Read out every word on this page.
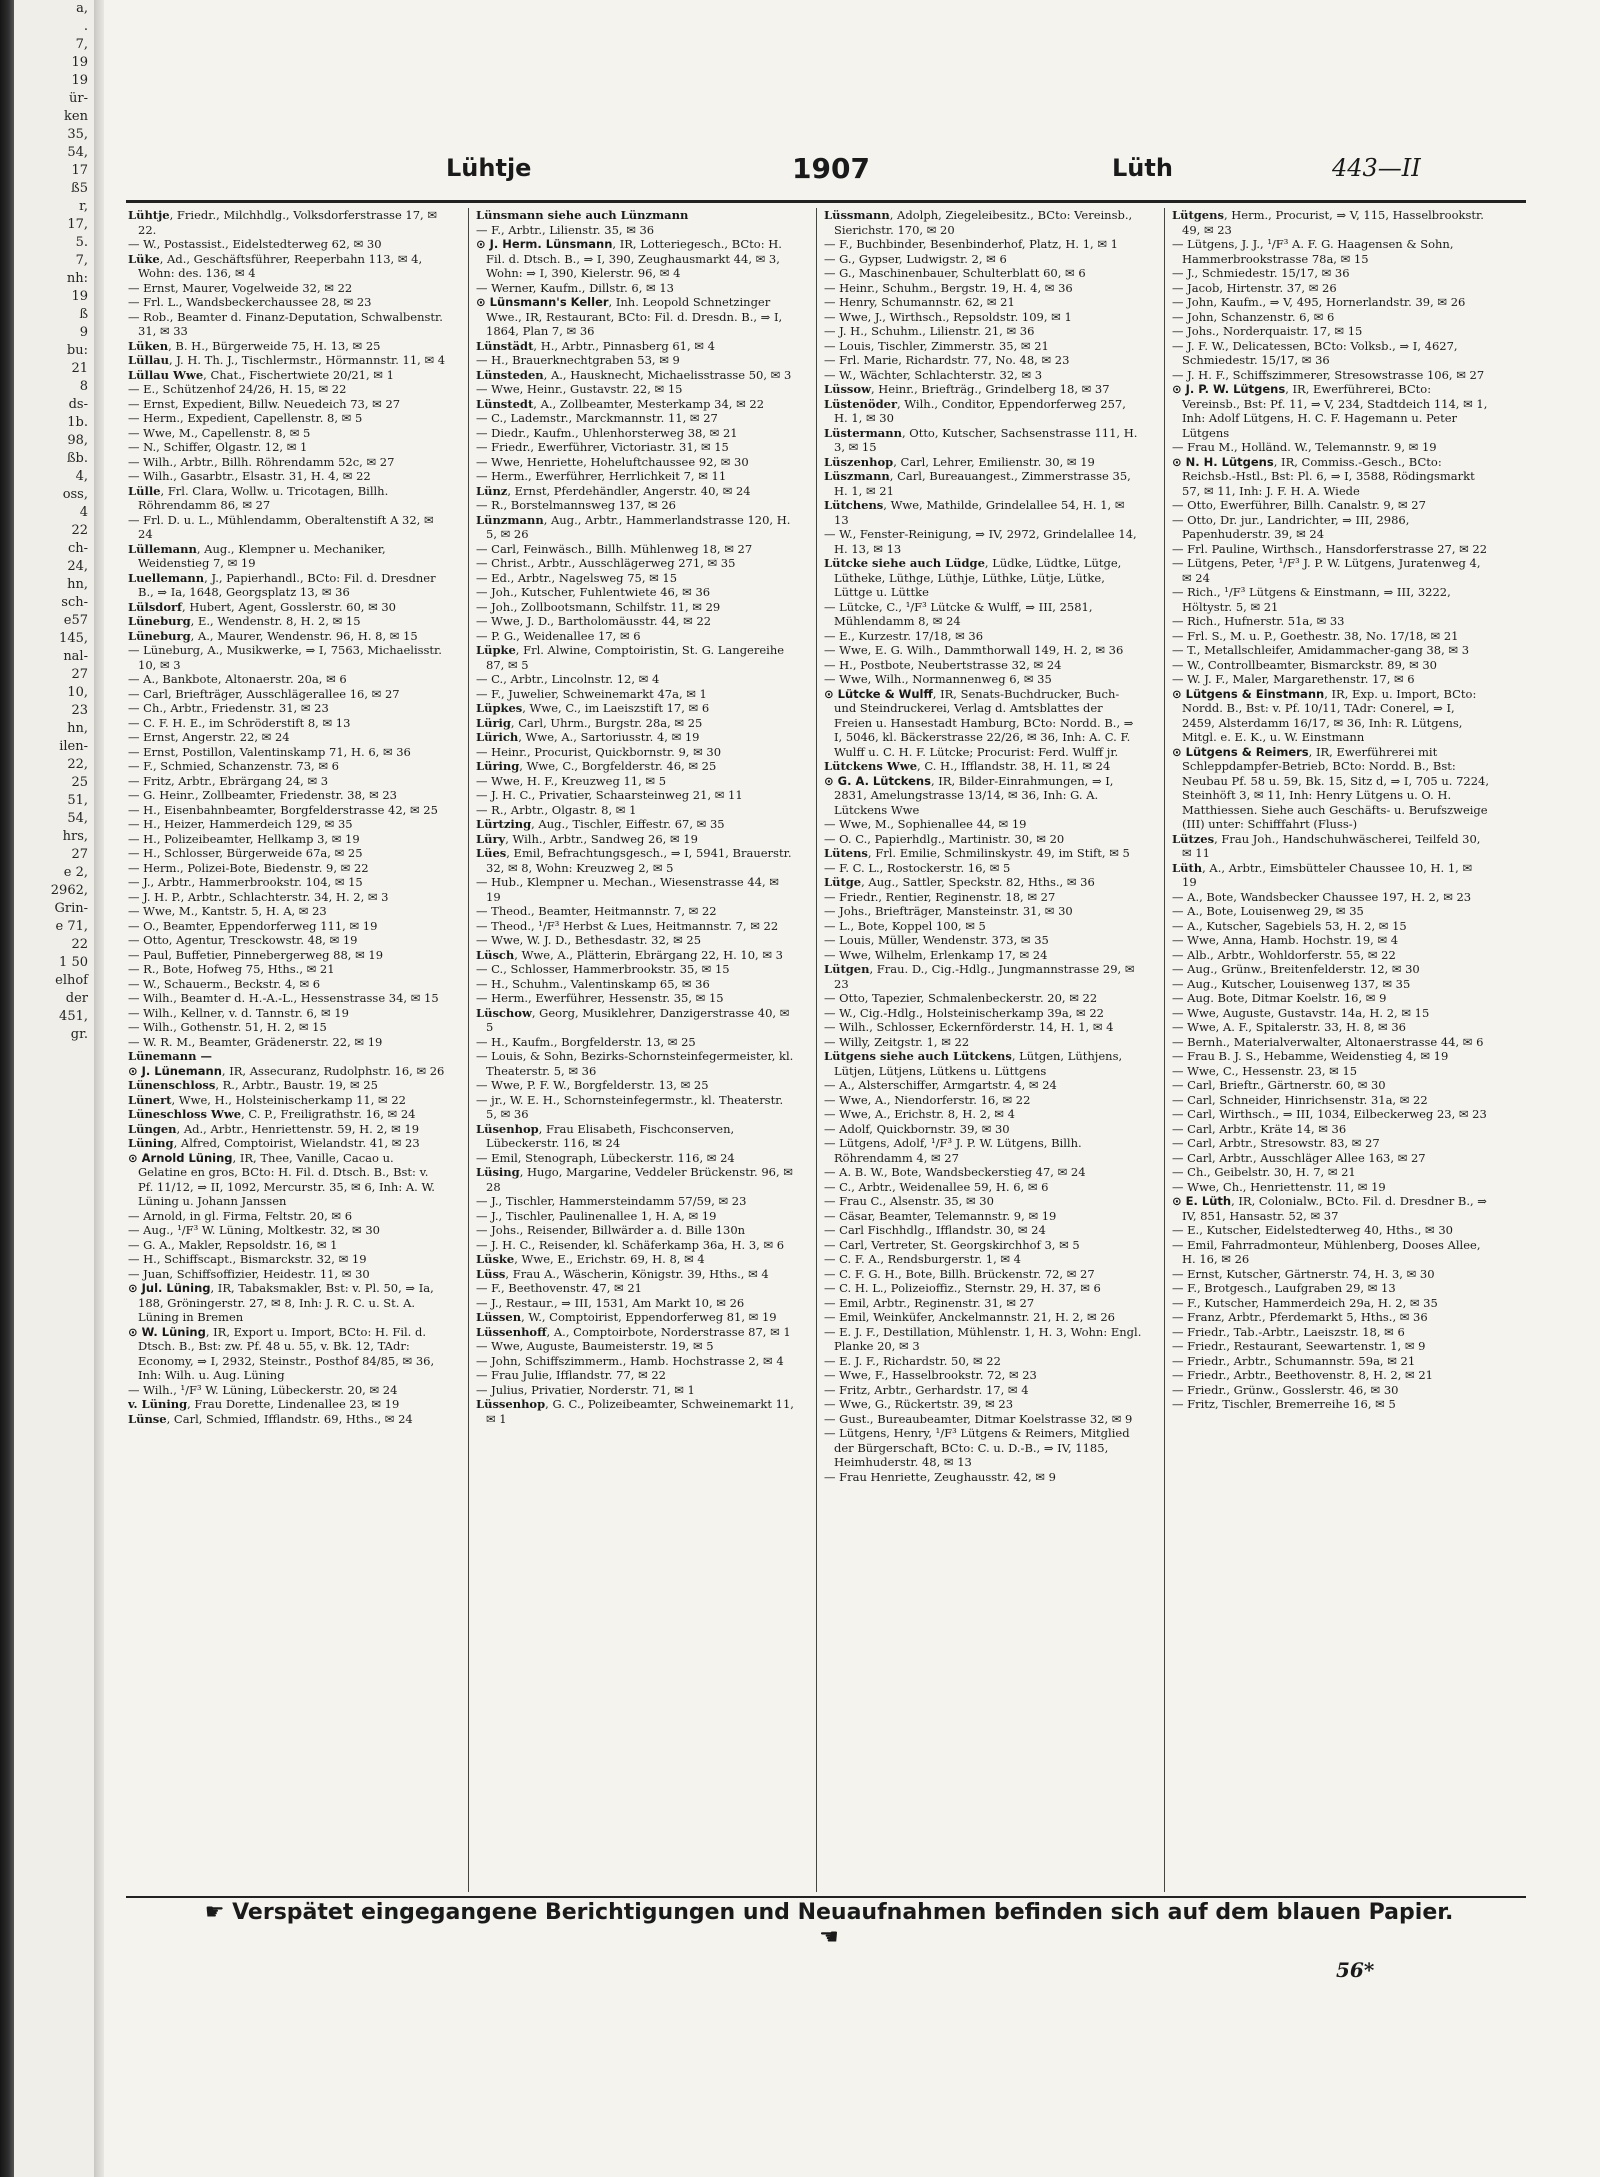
a,
.
7,
19
19
ür-
ken
35,
54,
17
ß5
r,
17,
5.
7,
nh:
19
ß
9
bu:
21
8
ds-
1b.
98,
ßb.
4,
oss,
4
22
ch-
24,
hn,
sch-
e57
145,
nal-
27
10,
23
hn,
ilen-
22,
25
51,
54,
hrs,
27
e 2,
2962,
Grin-
e 71,
22
1 50
elhof
der
451,
gr.
Lühtje	1907	Lüth	443—II

Lühtje, Friedr., Milchhdlg., Volksdorferstrasse 17, ✉ 22.

— W., Postassist., Eidelstedterweg 62, ✉ 30

Lüke, Ad., Geschäftsführer, Reeperbahn 113, ✉ 4, Wohn: des. 136, ✉ 4

— Ernst, Maurer, Vogelweide 32, ✉ 22

— Frl. L., Wandsbeckerchaussee 28, ✉ 23

— Rob., Beamter d. Finanz-Deputation, Schwalbenstr. 31, ✉ 33

Lüken, B. H., Bürgerweide 75, H. 13, ✉ 25

Lüllau, J. H. Th. J., Tischlermstr., Hörmannstr. 11, ✉ 4

Lüllau Wwe, Chat., Fischertwiete 20/21, ✉ 1

— E., Schützenhof 24/26, H. 15, ✉ 22

— Ernst, Expedient, Billw. Neuedeich 73, ✉ 27

— Herm., Expedient, Capellenstr. 8, ✉ 5

— Wwe, M., Capellenstr. 8, ✉ 5

— N., Schiffer, Olgastr. 12, ✉ 1

— Wilh., Arbtr., Billh. Röhrendamm 52c, ✉ 27

— Wilh., Gasarbtr., Elsastr. 31, H. 4, ✉ 22

Lülle, Frl. Clara, Wollw. u. Tricotagen, Billh. Röhrendamm 86, ✉ 27

— Frl. D. u. L., Mühlendamm, Oberaltenstift A 32, ✉ 24

Lüllemann, Aug., Klempner u. Mechaniker, Weidenstieg 7, ✉ 19

Luellemann, J., Papierhandl., BCto: Fil. d. Dresdner B., ⇒ Ia, 1648, Georgsplatz 13, ✉ 36

Lülsdorf, Hubert, Agent, Gosslerstr. 60, ✉ 30

Lüneburg, E., Wendenstr. 8, H. 2, ✉ 15

Lüneburg, A., Maurer, Wendenstr. 96, H. 8, ✉ 15

— Lüneburg, A., Musikwerke, ⇒ I, 7563, Michaelisstr. 10, ✉ 3

— A., Bankbote, Altonaerstr. 20a, ✉ 6

— Carl, Briefträger, Ausschlägerallee 16, ✉ 27

— Ch., Arbtr., Friedenstr. 31, ✉ 23

— C. F. H. E., im Schröderstift 8, ✉ 13

— Ernst, Angerstr. 22, ✉ 24

— Ernst, Postillon, Valentinskamp 71, H. 6, ✉ 36

— F., Schmied, Schanzenstr. 73, ✉ 6

— Fritz, Arbtr., Ebrärgang 24, ✉ 3

— G. Heinr., Zollbeamter, Friedenstr. 38, ✉ 23

— H., Eisenbahnbeamter, Borgfelderstrasse 42, ✉ 25

— H., Heizer, Hammerdeich 129, ✉ 35

— H., Polizeibeamter, Hellkamp 3, ✉ 19

— H., Schlosser, Bürgerweide 67a, ✉ 25

— Herm., Polizei-Bote, Biedenstr. 9, ✉ 22

— J., Arbtr., Hammerbrookstr. 104, ✉ 15

— J. H. P., Arbtr., Schlachterstr. 34, H. 2, ✉ 3

— Wwe, M., Kantstr. 5, H. A, ✉ 23

— O., Beamter, Eppendorferweg 111, ✉ 19

— Otto, Agentur, Tresckowstr. 48, ✉ 19

— Paul, Buffetier, Pinnebergerweg 88, ✉ 19

— R., Bote, Hofweg 75, Hths., ✉ 21

— W., Schauerm., Beckstr. 4, ✉ 6

— Wilh., Beamter d. H.-A.-L., Hessenstrasse 34, ✉ 15

— Wilh., Kellner, v. d. Tannstr. 6, ✉ 19

— Wilh., Gothenstr. 51, H. 2, ✉ 15

— W. R. M., Beamter, Grädenerstr. 22, ✉ 19

Lünemann —

⊙ J. Lünemann, IR, Assecuranz, Rudolphstr. 16, ✉ 26

Lünenschloss, R., Arbtr., Baustr. 19, ✉ 25

Lünert, Wwe, H., Holsteinischerkamp 11, ✉ 22

Lüneschloss Wwe, C. P., Freiligrathstr. 16, ✉ 24

Lüngen, Ad., Arbtr., Henriettenstr. 59, H. 2, ✉ 19

Lüning, Alfred, Comptoirist, Wielandstr. 41, ✉ 23

⊙ Arnold Lüning, IR, Thee, Vanille, Cacao u. Gelatine en gros, BCto: H. Fil. d. Dtsch. B., Bst: v. Pf. 11/12, ⇒ II, 1092, Mercurstr. 35, ✉ 6, Inh: A. W. Lüning u. Johann Janssen

— Arnold, in gl. Firma, Feltstr. 20, ✉ 6

— Aug., ¹/F³ W. Lüning, Moltkestr. 32, ✉ 30

— G. A., Makler, Repsoldstr. 16, ✉ 1

— H., Schiffscapt., Bismarckstr. 32, ✉ 19

— Juan, Schiffsoffizier, Heidestr. 11, ✉ 30

⊙ Jul. Lüning, IR, Tabaksmakler, Bst: v. Pl. 50, ⇒ Ia, 188, Gröningerstr. 27, ✉ 8, Inh: J. R. C. u. St. A. Lüning in Bremen

⊙ W. Lüning, IR, Export u. Import, BCto: H. Fil. d. Dtsch. B., Bst: zw. Pf. 48 u. 55, v. Bk. 12, TAdr: Economy, ⇒ I, 2932, Steinstr., Posthof 84/85, ✉ 36, Inh: Wilh. u. Aug. Lüning

— Wilh., ¹/F³ W. Lüning, Lübeckerstr. 20, ✉ 24

v. Lüning, Frau Dorette, Lindenallee 23, ✉ 19

Lünse, Carl, Schmied, Ifflandstr. 69, Hths., ✉ 24

Lünsmann siehe auch Lünzmann

— F., Arbtr., Lilienstr. 35, ✉ 36

⊙ J. Herm. Lünsmann, IR, Lotteriegesch., BCto: H. Fil. d. Dtsch. B., ⇒ I, 390, Zeughausmarkt 44, ✉ 3, Wohn: ⇒ I, 390, Kielerstr. 96, ✉ 4

— Werner, Kaufm., Dillstr. 6, ✉ 13

⊙ Lünsmann's Keller, Inh. Leopold Schnetzinger Wwe., IR, Restaurant, BCto: Fil. d. Dresdn. B., ⇒ I, 1864, Plan 7, ✉ 36

Lünstädt, H., Arbtr., Pinnasberg 61, ✉ 4

— H., Brauerknechtgraben 53, ✉ 9

Lünsteden, A., Hausknecht, Michaelisstrasse 50, ✉ 3

— Wwe, Heinr., Gustavstr. 22, ✉ 15

Lünstedt, A., Zollbeamter, Mesterkamp 34, ✉ 22

— C., Lademstr., Marckmannstr. 11, ✉ 27

— Diedr., Kaufm., Uhlenhorsterweg 38, ✉ 21

— Friedr., Ewerführer, Victoriastr. 31, ✉ 15

— Wwe, Henriette, Hoheluftchaussee 92, ✉ 30

— Herm., Ewerführer, Herrlichkeit 7, ✉ 11

Lünz, Ernst, Pferdehändler, Angerstr. 40, ✉ 24

— R., Borstelmannsweg 137, ✉ 26

Lünzmann, Aug., Arbtr., Hammerlandstrasse 120, H. 5, ✉ 26

— Carl, Feinwäsch., Billh. Mühlenweg 18, ✉ 27

— Christ., Arbtr., Ausschlägerweg 271, ✉ 35

— Ed., Arbtr., Nagelsweg 75, ✉ 15

— Joh., Kutscher, Fuhlentwiete 46, ✉ 36

— Joh., Zollbootsmann, Schilfstr. 11, ✉ 29

— Wwe, J. D., Bartholomäusstr. 44, ✉ 22

— P. G., Weidenallee 17, ✉ 6

Lüpke, Frl. Alwine, Comptoiristin, St. G. Langereihe 87, ✉ 5

— C., Arbtr., Lincolnstr. 12, ✉ 4

— F., Juwelier, Schweinemarkt 47a, ✉ 1

Lüpkes, Wwe, C., im Laeiszstift 17, ✉ 6

Lürig, Carl, Uhrm., Burgstr. 28a, ✉ 25

Lürich, Wwe, A., Sartoriusstr. 4, ✉ 19

— Heinr., Procurist, Quickbornstr. 9, ✉ 30

Lüring, Wwe, C., Borgfelderstr. 46, ✉ 25

— Wwe, H. F., Kreuzweg 11, ✉ 5

— J. H. C., Privatier, Schaarsteinweg 21, ✉ 11

— R., Arbtr., Olgastr. 8, ✉ 1

Lürtzing, Aug., Tischler, Eiffestr. 67, ✉ 35

Lüry, Wilh., Arbtr., Sandweg 26, ✉ 19

Lües, Emil, Befrachtungsgesch., ⇒ I, 5941, Brauerstr. 32, ✉ 8, Wohn: Kreuzweg 2, ✉ 5

— Hub., Klempner u. Mechan., Wiesenstrasse 44, ✉ 19

— Theod., Beamter, Heitmannstr. 7, ✉ 22

— Theod., ¹/F³ Herbst & Lues, Heitmannstr. 7, ✉ 22

— Wwe, W. J. D., Bethesdastr. 32, ✉ 25

Lüsch, Wwe, A., Plätterin, Ebrärgang 22, H. 10, ✉ 3

— C., Schlosser, Hammerbrookstr. 35, ✉ 15

— H., Schuhm., Valentinskamp 65, ✉ 36

— Herm., Ewerführer, Hessenstr. 35, ✉ 15

Lüschow, Georg, Musiklehrer, Danzigerstrasse 40, ✉ 5

— H., Kaufm., Borgfelderstr. 13, ✉ 25

— Louis, & Sohn, Bezirks-Schornsteinfegermeister, kl. Theaterstr. 5, ✉ 36

— Wwe, P. F. W., Borgfelderstr. 13, ✉ 25

— jr., W. E. H., Schornsteinfegermstr., kl. Theaterstr. 5, ✉ 36

Lüsenhop, Frau Elisabeth, Fischconserven, Lübeckerstr. 116, ✉ 24

— Emil, Stenograph, Lübeckerstr. 116, ✉ 24

Lüsing, Hugo, Margarine, Veddeler Brückenstr. 96, ✉ 28

— J., Tischler, Hammersteindamm 57/59, ✉ 23

— J., Tischler, Paulinenallee 1, H. A, ✉ 19

— Johs., Reisender, Billwärder a. d. Bille 130n

— J. H. C., Reisender, kl. Schäferkamp 36a, H. 3, ✉ 6

Lüske, Wwe, E., Erichstr. 69, H. 8, ✉ 4

Lüss, Frau A., Wäscherin, Königstr. 39, Hths., ✉ 4

— F., Beethovenstr. 47, ✉ 21

— J., Restaur., ⇒ III, 1531, Am Markt 10, ✉ 26

Lüssen, W., Comptoirist, Eppendorferweg 81, ✉ 19

Lüssenhoff, A., Comptoirbote, Norderstrasse 87, ✉ 1

— Wwe, Auguste, Baumeisterstr. 19, ✉ 5

— John, Schiffszimmerm., Hamb. Hochstrasse 2, ✉ 4

— Frau Julie, Ifflandstr. 77, ✉ 22

— Julius, Privatier, Norderstr. 71, ✉ 1

Lüssenhop, G. C., Polizeibeamter, Schweinemarkt 11, ✉ 1

Lüssmann, Adolph, Ziegeleibesitz., BCto: Vereinsb., Sierichstr. 170, ✉ 20

— F., Buchbinder, Besenbinderhof, Platz, H. 1, ✉ 1

— G., Gypser, Ludwigstr. 2, ✉ 6

— G., Maschinenbauer, Schulterblatt 60, ✉ 6

— Heinr., Schuhm., Bergstr. 19, H. 4, ✉ 36

— Henry, Schumannstr. 62, ✉ 21

— Wwe, J., Wirthsch., Repsoldstr. 109, ✉ 1

— J. H., Schuhm., Lilienstr. 21, ✉ 36

— Louis, Tischler, Zimmerstr. 35, ✉ 21

— Frl. Marie, Richardstr. 77, No. 48, ✉ 23

— W., Wächter, Schlachterstr. 32, ✉ 3

Lüssow, Heinr., Briefträg., Grindelberg 18, ✉ 37

Lüstenöder, Wilh., Conditor, Eppendorferweg 257, H. 1, ✉ 30

Lüstermann, Otto, Kutscher, Sachsenstrasse 111, H. 3, ✉ 15

Lüszenhop, Carl, Lehrer, Emilienstr. 30, ✉ 19

Lüszmann, Carl, Bureauangest., Zimmerstrasse 35, H. 1, ✉ 21

Lütchens, Wwe, Mathilde, Grindelallee 54, H. 1, ✉ 13

— W., Fenster-Reinigung, ⇒ IV, 2972, Grindelallee 14, H. 13, ✉ 13

Lütcke siehe auch Lüdge, Lüdke, Lüdtke, Lütge, Lütheke, Lüthge, Lüthje, Lüthke, Lütje, Lütke, Lüttge u. Lüttke

— Lütcke, C., ¹/F³ Lütcke & Wulff, ⇒ III, 2581, Mühlendamm 8, ✉ 24

— E., Kurzestr. 17/18, ✉ 36

— Wwe, E. G. Wilh., Dammthorwall 149, H. 2, ✉ 36

— H., Postbote, Neubertstrasse 32, ✉ 24

— Wwe, Wilh., Normannenweg 6, ✉ 35

⊙ Lütcke & Wulff, IR, Senats-Buchdrucker, Buch- und Steindruckerei, Verlag d. Amtsblattes der Freien u. Hansestadt Hamburg, BCto: Nordd. B., ⇒ I, 5046, kl. Bäckerstrasse 22/26, ✉ 36, Inh: A. C. F. Wulff u. C. H. F. Lütcke; Procurist: Ferd. Wulff jr.

Lütckens Wwe, C. H., Ifflandstr. 38, H. 11, ✉ 24

⊙ G. A. Lütckens, IR, Bilder-Einrahmungen, ⇒ I, 2831, Amelungstrasse 13/14, ✉ 36, Inh: G. A. Lütckens Wwe

— Wwe, M., Sophienallee 44, ✉ 19

— O. C., Papierhdlg., Martinistr. 30, ✉ 20

Lütens, Frl. Emilie, Schmilinskystr. 49, im Stift, ✉ 5

— F. C. L., Rostockerstr. 16, ✉ 5

Lütge, Aug., Sattler, Speckstr. 82, Hths., ✉ 36

— Friedr., Rentier, Reginenstr. 18, ✉ 27

— Johs., Briefträger, Mansteinstr. 31, ✉ 30

— L., Bote, Koppel 100, ✉ 5

— Louis, Müller, Wendenstr. 373, ✉ 35

— Wwe, Wilhelm, Erlenkamp 17, ✉ 24

Lütgen, Frau. D., Cig.-Hdlg., Jungmannstrasse 29, ✉ 23

— Otto, Tapezier, Schmalenbeckerstr. 20, ✉ 22

— W., Cig.-Hdlg., Holsteinischerkamp 39a, ✉ 22

— Wilh., Schlosser, Eckernförderstr. 14, H. 1, ✉ 4

— Willy, Zeitgstr. 1, ✉ 22

Lütgens siehe auch Lütckens, Lütgen, Lüthjens, Lütjen, Lütjens, Lütkens u. Lüttgens

— A., Alsterschiffer, Armgartstr. 4, ✉ 24

— Wwe, A., Niendorferstr. 16, ✉ 22

— Wwe, A., Erichstr. 8, H. 2, ✉ 4

— Adolf, Quickbornstr. 39, ✉ 30

— Lütgens, Adolf, ¹/F³ J. P. W. Lütgens, Billh. Röhrendamm 4, ✉ 27

— A. B. W., Bote, Wandsbeckerstieg 47, ✉ 24

— C., Arbtr., Weidenallee 59, H. 6, ✉ 6

— Frau C., Alsenstr. 35, ✉ 30

— Cäsar, Beamter, Telemannstr. 9, ✉ 19

— Carl Fischhdlg., Ifflandstr. 30, ✉ 24

— Carl, Vertreter, St. Georgskirchhof 3, ✉ 5

— C. F. A., Rendsburgerstr. 1, ✉ 4

— C. F. G. H., Bote, Billh. Brückenstr. 72, ✉ 27

— C. H. L., Polizeioffiz., Sternstr. 29, H. 37, ✉ 6

— Emil, Arbtr., Reginenstr. 31, ✉ 27

— Emil, Weinküfer, Anckelmannstr. 21, H. 2, ✉ 26

— E. J. F., Destillation, Mühlenstr. 1, H. 3, Wohn: Engl. Planke 20, ✉ 3

— E. J. F., Richardstr. 50, ✉ 22

— Wwe, F., Hasselbrookstr. 72, ✉ 23

— Fritz, Arbtr., Gerhardstr. 17, ✉ 4

— Wwe, G., Rückertstr. 39, ✉ 23

— Gust., Bureaubeamter, Ditmar Koelstrasse 32, ✉ 9

— Lütgens, Henry, ¹/F³ Lütgens & Reimers, Mitglied der Bürgerschaft, BCto: C. u. D.-B., ⇒ IV, 1185, Heimhuderstr. 48, ✉ 13

— Frau Henriette, Zeughausstr. 42, ✉ 9

Lütgens, Herm., Procurist, ⇒ V, 115, Hasselbrookstr. 49, ✉ 23

— Lütgens, J. J., ¹/F³ A. F. G. Haagensen & Sohn, Hammerbrookstrasse 78a, ✉ 15

— J., Schmiedestr. 15/17, ✉ 36

— Jacob, Hirtenstr. 37, ✉ 26

— John, Kaufm., ⇒ V, 495, Hornerlandstr. 39, ✉ 26

— John, Schanzenstr. 6, ✉ 6

— Johs., Norderquaistr. 17, ✉ 15

— J. F. W., Delicatessen, BCto: Volksb., ⇒ I, 4627, Schmiedestr. 15/17, ✉ 36

— J. H. F., Schiffszimmerer, Stresowstrasse 106, ✉ 27

⊙ J. P. W. Lütgens, IR, Ewerführerei, BCto: Vereinsb., Bst: Pf. 11, ⇒ V, 234, Stadtdeich 114, ✉ 1, Inh: Adolf Lütgens, H. C. F. Hagemann u. Peter Lütgens

— Frau M., Holländ. W., Telemannstr. 9, ✉ 19

⊙ N. H. Lütgens, IR, Commiss.-Gesch., BCto: Reichsb.-Hstl., Bst: Pl. 6, ⇒ I, 3588, Rödingsmarkt 57, ✉ 11, Inh: J. F. H. A. Wiede

— Otto, Ewerführer, Billh. Canalstr. 9, ✉ 27

— Otto, Dr. jur., Landrichter, ⇒ III, 2986, Papenhuderstr. 39, ✉ 24

— Frl. Pauline, Wirthsch., Hansdorferstrasse 27, ✉ 22

— Lütgens, Peter, ¹/F³ J. P. W. Lütgens, Juratenweg 4, ✉ 24

— Rich., ¹/F³ Lütgens & Einstmann, ⇒ III, 3222, Höltystr. 5, ✉ 21

— Rich., Hufnerstr. 51a, ✉ 33

— Frl. S., M. u. P., Goethestr. 38, No. 17/18, ✉ 21

— T., Metallschleifer, Amidammacher-gang 38, ✉ 3

— W., Controllbeamter, Bismarckstr. 89, ✉ 30

— W. J. F., Maler, Margarethenstr. 17, ✉ 6

⊙ Lütgens & Einstmann, IR, Exp. u. Import, BCto: Nordd. B., Bst: v. Pf. 10/11, TAdr: Conerel, ⇒ I, 2459, Alsterdamm 16/17, ✉ 36, Inh: R. Lütgens, Mitgl. e. E. K., u. W. Einstmann

⊙ Lütgens & Reimers, IR, Ewerführerei mit Schleppdampfer-Betrieb, BCto: Nordd. B., Bst: Neubau Pf. 58 u. 59, Bk. 15, Sitz d, ⇒ I, 705 u. 7224, Steinhöft 3, ✉ 11, Inh: Henry Lütgens u. O. H. Matthiessen. Siehe auch Geschäfts- u. Berufszweige (III) unter: Schifffahrt (Fluss-)

Lützes, Frau Joh., Handschuhwäscherei, Teilfeld 30, ✉ 11

Lüth, A., Arbtr., Eimsbütteler Chaussee 10, H. 1, ✉ 19

— A., Bote, Wandsbecker Chaussee 197, H. 2, ✉ 23

— A., Bote, Louisenweg 29, ✉ 35

— A., Kutscher, Sagebiels 53, H. 2, ✉ 15

— Wwe, Anna, Hamb. Hochstr. 19, ✉ 4

— Alb., Arbtr., Wohldorferstr. 55, ✉ 22

— Aug., Grünw., Breitenfelderstr. 12, ✉ 30

— Aug., Kutscher, Louisenweg 137, ✉ 35

— Aug. Bote, Ditmar Koelstr. 16, ✉ 9

— Wwe, Auguste, Gustavstr. 14a, H. 2, ✉ 15

— Wwe, A. F., Spitalerstr. 33, H. 8, ✉ 36

— Bernh., Materialverwalter, Altonaerstrasse 44, ✉ 6

— Frau B. J. S., Hebamme, Weidenstieg 4, ✉ 19

— Wwe, C., Hessenstr. 23, ✉ 15

— Carl, Brieftr., Gärtnerstr. 60, ✉ 30

— Carl, Schneider, Hinrichsenstr. 31a, ✉ 22

— Carl, Wirthsch., ⇒ III, 1034, Eilbeckerweg 23, ✉ 23

— Carl, Arbtr., Kräte 14, ✉ 36

— Carl, Arbtr., Stresowstr. 83, ✉ 27

— Carl, Arbtr., Ausschläger Allee 163, ✉ 27

— Ch., Geibelstr. 30, H. 7, ✉ 21

— Wwe, Ch., Henriettenstr. 11, ✉ 19

⊙ E. Lüth, IR, Colonialw., BCto. Fil. d. Dresdner B., ⇒ IV, 851, Hansastr. 52, ✉ 37

— E., Kutscher, Eidelstedterweg 40, Hths., ✉ 30

— Emil, Fahrradmonteur, Mühlenberg, Dooses Allee, H. 16, ✉ 26

— Ernst, Kutscher, Gärtnerstr. 74, H. 3, ✉ 30

— F., Brotgesch., Laufgraben 29, ✉ 13

— F., Kutscher, Hammerdeich 29a, H. 2, ✉ 35

— Franz, Arbtr., Pferdemarkt 5, Hths., ✉ 36

— Friedr., Tab.-Arbtr., Laeiszstr. 18, ✉ 6

— Friedr., Restaurant, Seewartenstr. 1, ✉ 9

— Friedr., Arbtr., Schumannstr. 59a, ✉ 21

— Friedr., Arbtr., Beethovenstr. 8, H. 2, ✉ 21

— Friedr., Grünw., Gosslerstr. 46, ✉ 30

— Fritz, Tischler, Bremerreihe 16, ✉ 5

☛ Verspätet eingegangene Berichtigungen und Neuaufnahmen befinden sich auf dem blauen Papier. ☚
56*
